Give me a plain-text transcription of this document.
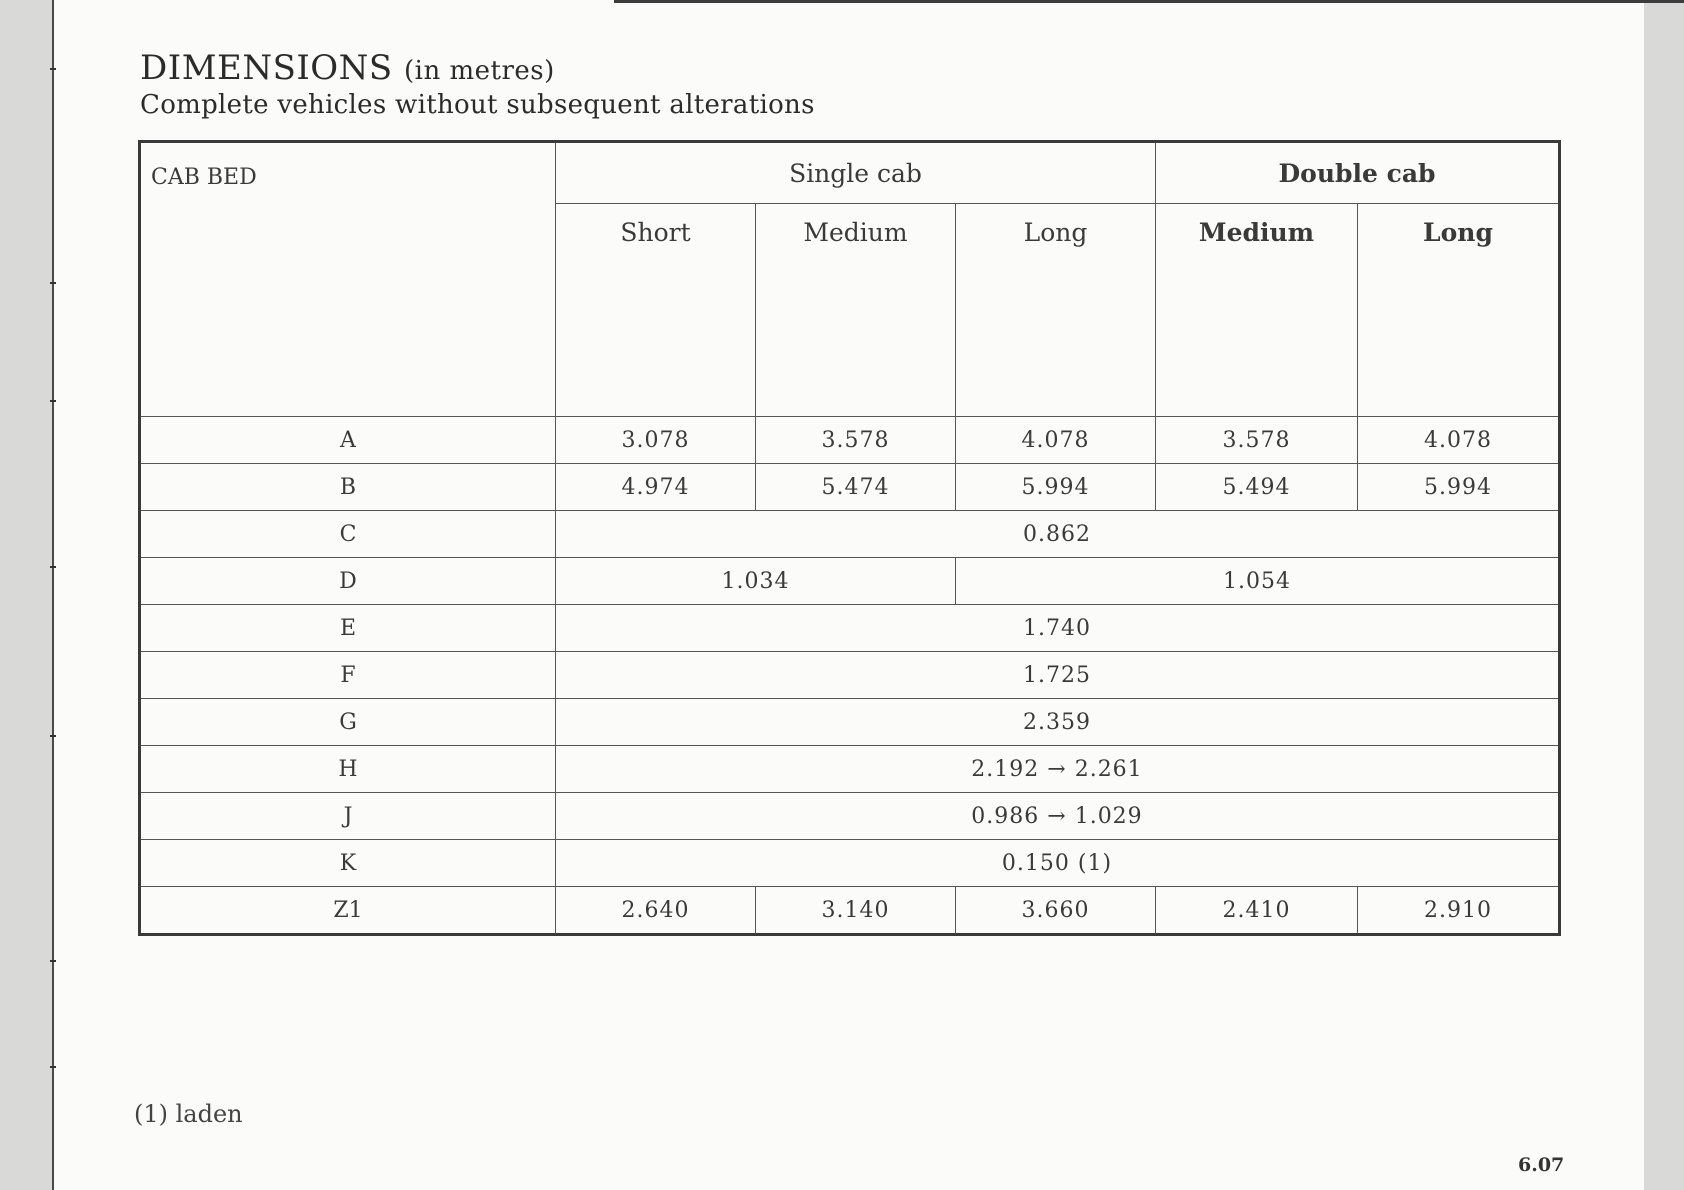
DIMENSIONS (in metres)
Complete vehicles without subsequent alterations
CAB BED	Single cab			Double cab	
	Short	Medium	Long	Medium	Long
A	3.078	3.578	4.078	3.578	4.078
B	4.974	5.474	5.994	5.494	5.994
C	0.862				
D	1.034		1.054		
E	1.740				
F	1.725				
G	2.359				
H	2.192 → 2.261				
J	0.986 → 1.029				
K	0.150 (1)				
Z1	2.640	3.140	3.660	2.410	2.910
(1) laden
6.07
